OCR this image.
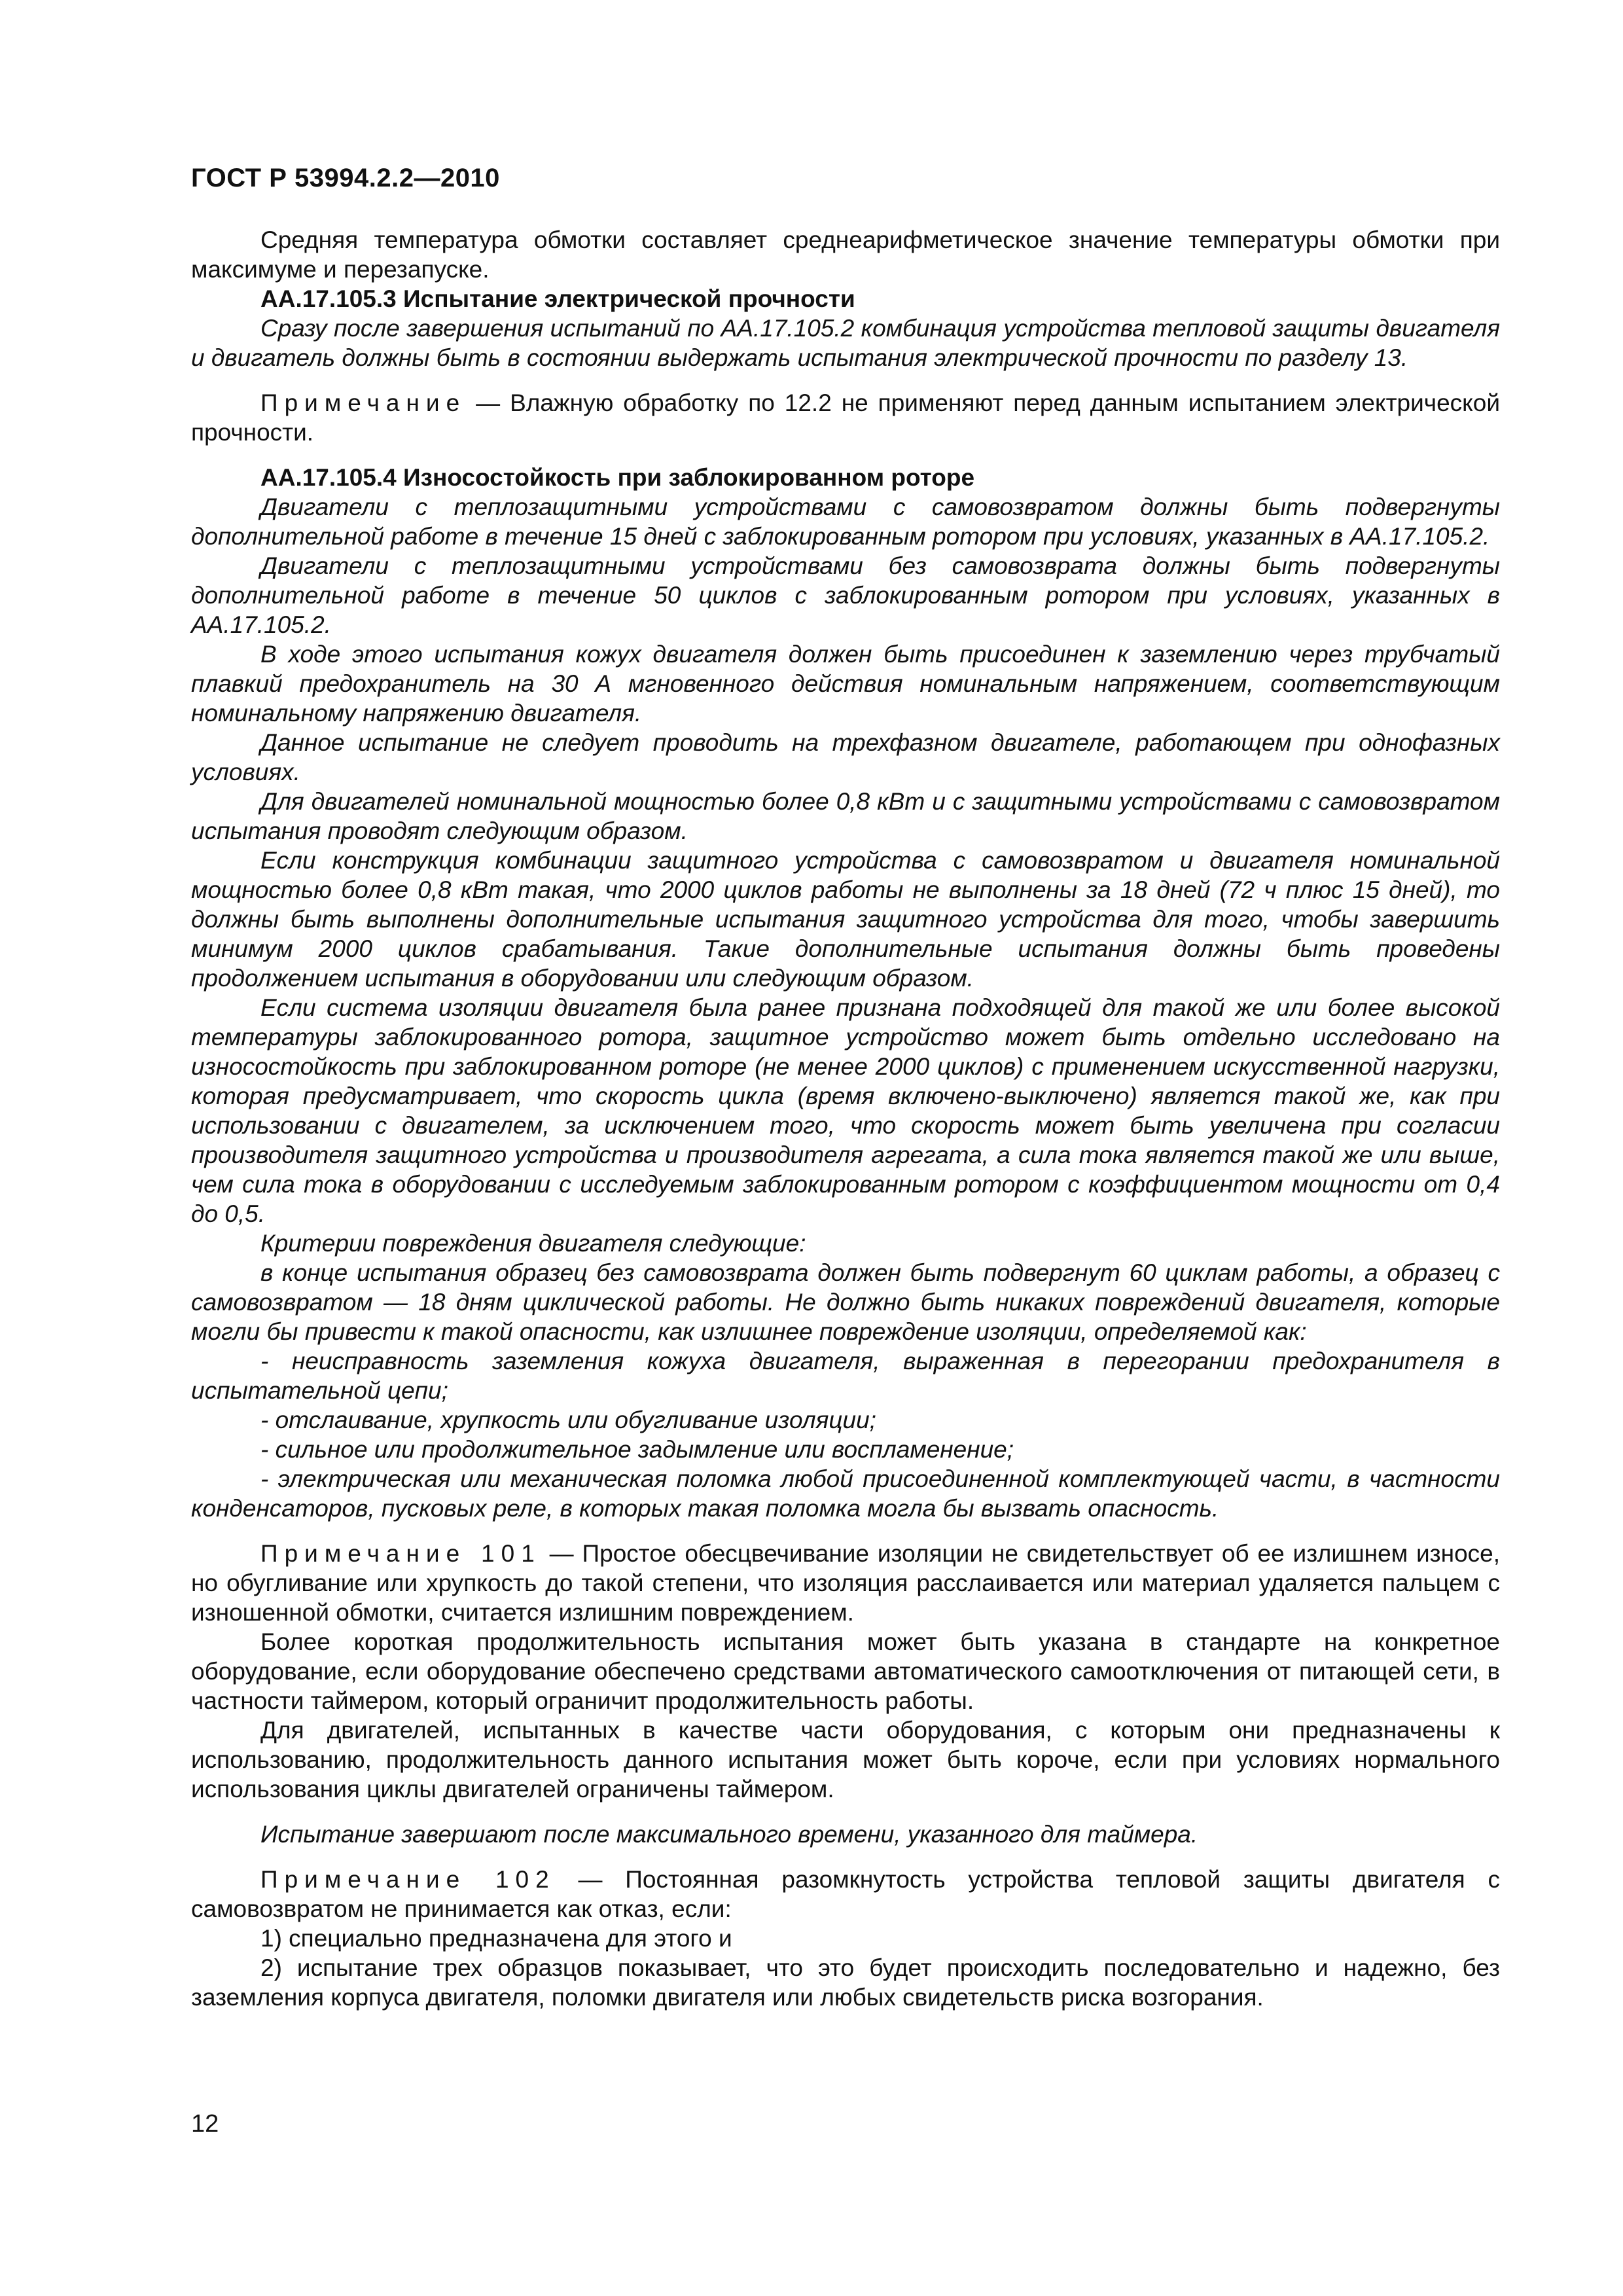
ГОСТ Р 53994.2.2—2010

Средняя температура обмотки составляет среднеарифметическое значение температуры обмотки при максимуме и перезапуске.

АА.17.105.3 Испытание электрической прочности

Сразу после завершения испытаний по АА.17.105.2 комбинация устройства тепловой защиты двигателя и двигатель должны быть в состоянии выдержать испытания электрической прочности по разделу 13.

Примечание — Влажную обработку по 12.2 не применяют перед данным испытанием электрической прочности.

АА.17.105.4 Износостойкость при заблокированном роторе

Двигатели с теплозащитными устройствами с самовозвратом должны быть подвергнуты дополнительной работе в течение 15 дней с заблокированным ротором при условиях, указанных в АА.17.105.2.

Двигатели с теплозащитными устройствами без самовозврата должны быть подвергнуты дополнительной работе в течение 50 циклов с заблокированным ротором при условиях, указанных в АА.17.105.2.

В ходе этого испытания кожух двигателя должен быть присоединен к заземлению через трубчатый плавкий предохранитель на 30 А мгновенного действия номинальным напряжением, соответствующим номинальному напряжению двигателя.

Данное испытание не следует проводить на трехфазном двигателе, работающем при однофазных условиях.

Для двигателей номинальной мощностью более 0,8 кВт и с защитными устройствами с самовозвратом испытания проводят следующим образом.

Если конструкция комбинации защитного устройства с самовозвратом и двигателя номинальной мощностью более 0,8 кВт такая, что 2000 циклов работы не выполнены за 18 дней (72 ч плюс 15 дней), то должны быть выполнены дополнительные испытания защитного устройства для того, чтобы завершить минимум 2000 циклов срабатывания. Такие дополнительные испытания должны быть проведены продолжением испытания в оборудовании или следующим образом.

Если система изоляции двигателя была ранее признана подходящей для такой же или более высокой температуры заблокированного ротора, защитное устройство может быть отдельно исследовано на износостойкость при заблокированном роторе (не менее 2000 циклов) с применением искусственной нагрузки, которая предусматривает, что скорость цикла (время включено-выключено) является такой же, как при использовании с двигателем, за исключением того, что скорость может быть увеличена при согласии производителя защитного устройства и производителя агрегата, а сила тока является такой же или выше, чем сила тока в оборудовании с исследуемым заблокированным ротором с коэффициентом мощности от 0,4 до 0,5.

Критерии повреждения двигателя следующие:

в конце испытания образец без самовозврата должен быть подвергнут 60 циклам работы, а образец с самовозвратом — 18 дням циклической работы. Не должно быть никаких повреждений двигателя, которые могли бы привести к такой опасности, как излишнее повреждение изоляции, определяемой как:

- неисправность заземления кожуха двигателя, выраженная в перегорании предохранителя в испытательной цепи;

- отслаивание, хрупкость или обугливание изоляции;

- сильное или продолжительное задымление или воспламенение;

- электрическая или механическая поломка любой присоединенной комплектующей части, в частности конденсаторов, пусковых реле, в которых такая поломка могла бы вызвать опасность.

Примечание 101 — Простое обесцвечивание изоляции не свидетельствует об ее излишнем износе, но обугливание или хрупкость до такой степени, что изоляция расслаивается или материал удаляется пальцем с изношенной обмотки, считается излишним повреждением.

Более короткая продолжительность испытания может быть указана в стандарте на конкретное оборудование, если оборудование обеспечено средствами автоматического самоотключения от питающей сети, в частности таймером, который ограничит продолжительность работы.

Для двигателей, испытанных в качестве части оборудования, с которым они предназначены к использованию, продолжительность данного испытания может быть короче, если при условиях нормального использования циклы двигателей ограничены таймером.

Испытание завершают после максимального времени, указанного для таймера.

Примечание 102 — Постоянная разомкнутость устройства тепловой защиты двигателя с самовозвратом не принимается как отказ, если:

1) специально предназначена для этого и

2) испытание трех образцов показывает, что это будет происходить последовательно и надежно, без заземления корпуса двигателя, поломки двигателя или любых свидетельств риска возгорания.

12
